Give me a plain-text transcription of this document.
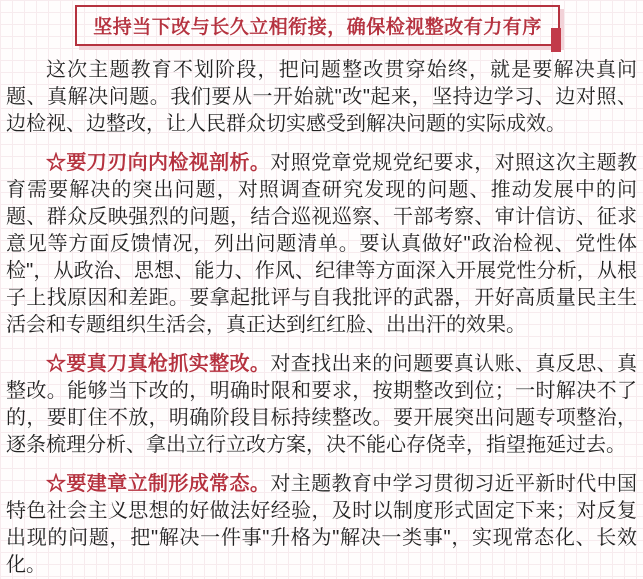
坚持当下改与长久立相衔接，确保检视整改有力有序

这次主题教育不划阶段，把问题整改贯穿始终，就是要解决真问题、真解决问题。我们要从一开始就"改"起来，坚持边学习、边对照、边检视、边整改，让人民群众切实感受到解决问题的实际成效。

☆要刀刃向内检视剖析。对照党章党规党纪要求，对照这次主题教育需要解决的突出问题，对照调查研究发现的问题、推动发展中的问题、群众反映强烈的问题，结合巡视巡察、干部考察、审计信访、征求意见等方面反馈情况，列出问题清单。要认真做好"政治检视、党性体检"，从政治、思想、能力、作风、纪律等方面深入开展党性分析，从根子上找原因和差距。要拿起批评与自我批评的武器，开好高质量民主生活会和专题组织生活会，真正达到红红脸、出出汗的效果。

☆要真刀真枪抓实整改。对查找出来的问题要真认账、真反思、真整改。能够当下改的，明确时限和要求，按期整改到位；一时解决不了的，要盯住不放，明确阶段目标持续整改。要开展突出问题专项整治，逐条梳理分析、拿出立行立改方案，决不能心存侥幸，指望拖延过去。

☆要建章立制形成常态。对主题教育中学习贯彻习近平新时代中国特色社会主义思想的好做法好经验，及时以制度形式固定下来；对反复出现的问题，把"解决一件事"升格为"解决一类事"，实现常态化、长效化。
